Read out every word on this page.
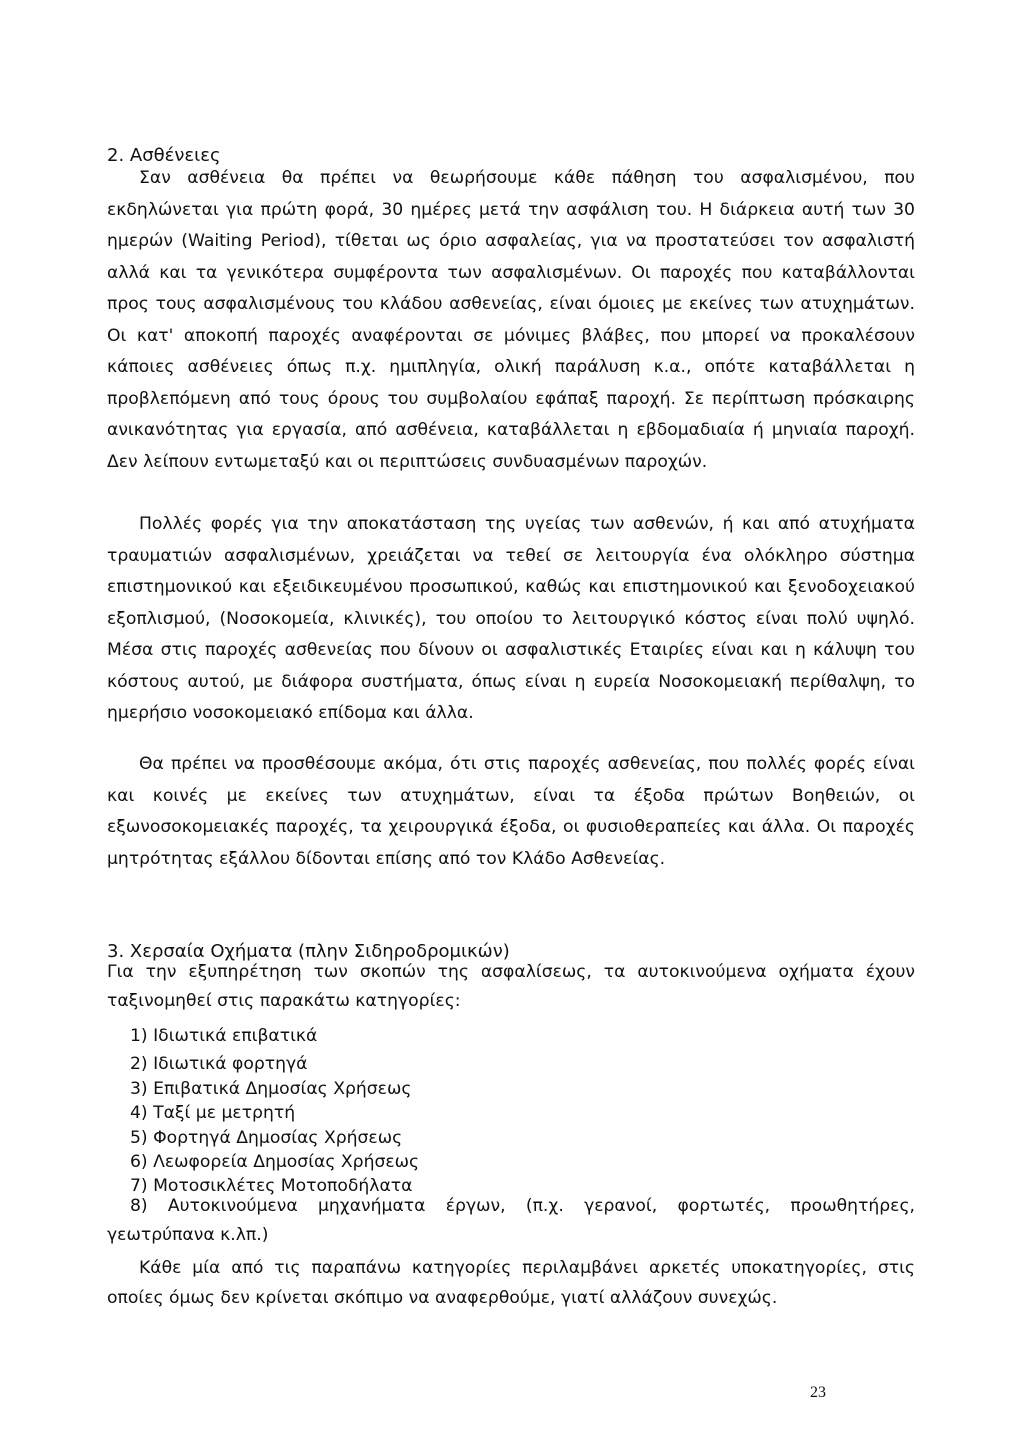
2. Ασθένειες

Σαν ασθένεια θα πρέπει να θεωρήσουμε κάθε πάθηση του ασφαλισμένου, που εκδηλώνεται για πρώτη φορά, 30 ημέρες μετά την ασφάλιση του. Η διάρκεια αυτή των 30 ημερών (Waiting Period), τίθεται ως όριο ασφαλείας, για να προστατεύσει τον ασφαλιστή αλλά και τα γενικότερα συμφέροντα των ασφαλισμένων. Οι παροχές που καταβάλλονται προς τους ασφαλισμένους του κλάδου ασθενείας, είναι όμοιες με εκείνες των ατυχημάτων. Οι κατ' αποκοπή παροχές αναφέρονται σε μόνιμες βλάβες, που μπορεί να προκαλέσουν κάποιες ασθένειες όπως π.χ. ημιπληγία, ολική παράλυση κ.α., οπότε καταβάλλεται η προβλεπόμενη από τους όρους του συμβολαίου εφάπαξ παροχή. Σε περίπτωση πρόσκαιρης ανικανότητας για εργασία, από ασθένεια, καταβάλλεται η εβδομαδιαία ή μηνιαία παροχή. Δεν λείπουν εντωμεταξύ και οι περιπτώσεις συνδυασμένων παροχών.

Πολλές φορές για την αποκατάσταση της υγείας των ασθενών, ή και από ατυχήματα τραυματιών ασφαλισμένων, χρειάζεται να τεθεί σε λειτουργία ένα ολόκληρο σύστημα επιστημονικού και εξειδικευμένου προσωπικού, καθώς και επιστημονικού και ξενοδοχειακού εξοπλισμού, (Νοσοκομεία, κλινικές), του οποίου το λειτουργικό κόστος είναι πολύ υψηλό. Μέσα στις παροχές ασθενείας που δίνουν οι ασφαλιστικές Εταιρίες είναι και η κάλυψη του κόστους αυτού, με διάφορα συστήματα, όπως είναι η ευρεία Νοσοκομειακή περίθαλψη, το ημερήσιο νοσοκομειακό επίδομα και άλλα.

Θα πρέπει να προσθέσουμε ακόμα, ότι στις παροχές ασθενείας, που πολλές φορές είναι και κοινές με εκείνες των ατυχημάτων, είναι τα έξοδα πρώτων Βοηθειών, οι εξωνοσοκομειακές παροχές, τα χειρουργικά έξοδα, οι φυσιοθεραπείες και άλλα. Οι παροχές μητρότητας εξάλλου δίδονται επίσης από τον Κλάδο Ασθενείας.

3. Χερσαία Οχήματα (πλην Σιδηροδρομικών)

Για την εξυπηρέτηση των σκοπών της ασφαλίσεως, τα αυτοκινούμενα οχήματα έχουν ταξινομηθεί στις παρακάτω κατηγορίες:

1) Ιδιωτικά επιβατικά
2) Ιδιωτικά φορτηγά
3) Επιβατικά Δημοσίας Χρήσεως
4) Ταξί με μετρητή
5) Φορτηγά Δημοσίας Χρήσεως
6) Λεωφορεία Δημοσίας Χρήσεως
7) Μοτοσικλέτες Μοτοποδήλατα

8) Αυτοκινούμενα μηχανήματα έργων, (π.χ. γερανοί, φορτωτές, προωθητήρες, γεωτρύπανα κ.λπ.)

Κάθε μία από τις παραπάνω κατηγορίες περιλαμβάνει αρκετές υποκατηγορίες, στις οποίες όμως δεν κρίνεται σκόπιμο να αναφερθούμε, γιατί αλλάζουν συνεχώς.

23
